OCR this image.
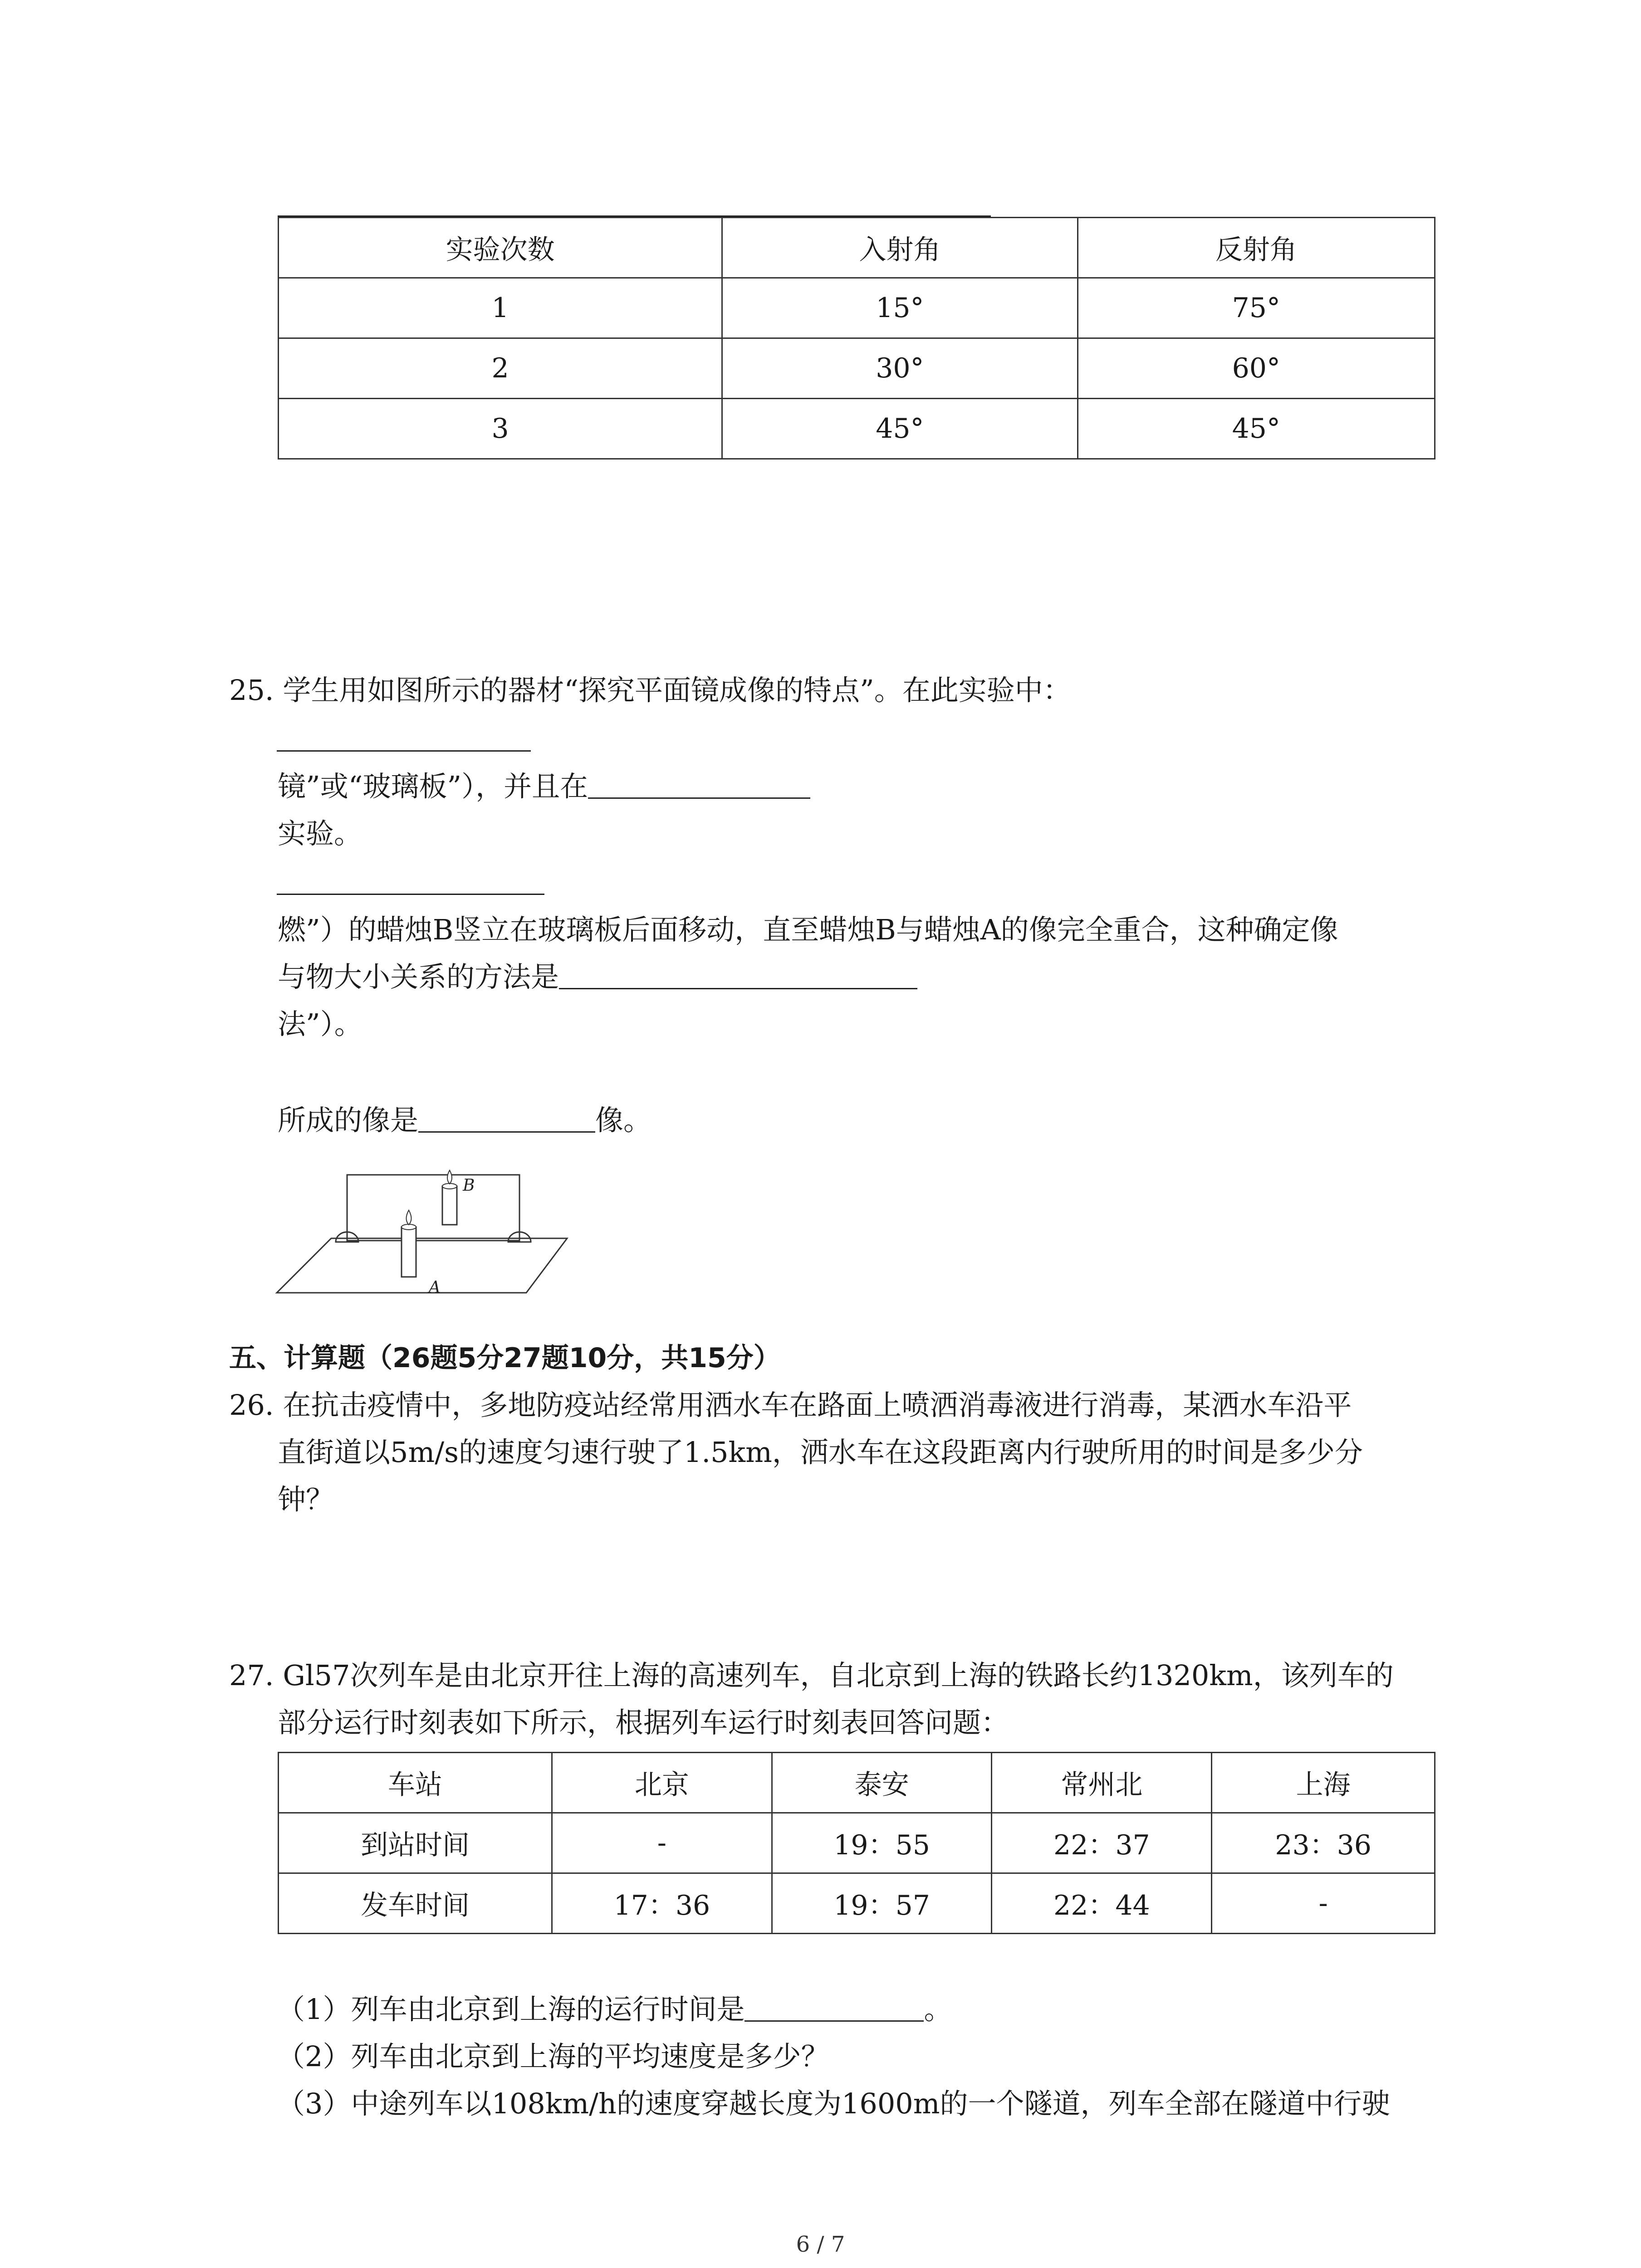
实验次数	入射角	反射角
1	15°	75°
2	30°	60°
3	45°	45°
25. 学生用如图所示的器材“探究平面镜成像的特点”。在此实验中：
镜”或“玻璃板”），并且在
实验。
燃”）的蜡烛B竖立在玻璃板后面移动，直至蜡烛B与蜡烛A的像完全重合，这种确定像
与物大小关系的方法是
法”）。
所成的像是	像。
B
A
五、计算题（26题5分27题10分，共15分）
26. 在抗击疫情中，多地防疫站经常用洒水车在路面上喷洒消毒液进行消毒，某洒水车沿平
直街道以5m/s的速度匀速行驶了1.5km，洒水车在这段距离内行驶所用的时间是多少分
钟？
27. Gl57次列车是由北京开往上海的高速列车，自北京到上海的铁路长约1320km，该列车的
部分运行时刻表如下所示，根据列车运行时刻表回答问题：
车站	北京	泰安	常州北	上海
到站时间	-	19：55	22：37	23：36
发车时间	17：36	19：57	22：44	-
（1）列车由北京到上海的运行时间是	。
（2）列车由北京到上海的平均速度是多少？
（3）中途列车以108km/h的速度穿越长度为1600m的一个隧道，列车全部在隧道中行驶
6 / 7
